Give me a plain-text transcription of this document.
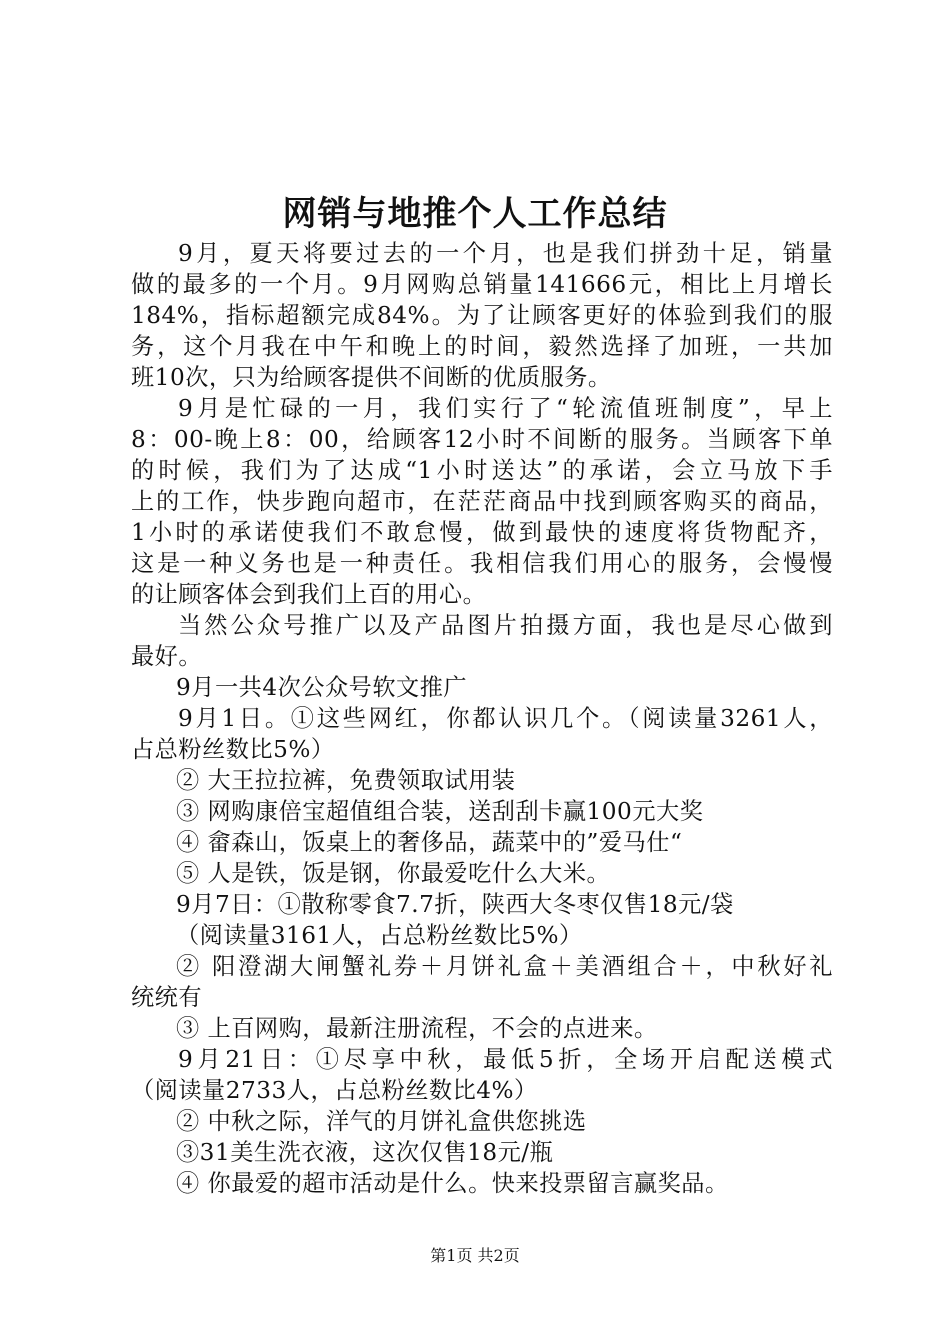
网销与地推个人工作总结
9月，夏天将要过去的一个月，也是我们拼劲十足，销量
做的最多的一个月。9月网购总销量141666元，相比上月增长
184%，指标超额完成84%。为了让顾客更好的体验到我们的服
务，这个月我在中午和晚上的时间，毅然选择了加班，一共加
班10次，只为给顾客提供不间断的优质服务。
9月是忙碌的一月，我们实行了“轮流值班制度”，早上
8：00-晚上8：00，给顾客12小时不间断的服务。当顾客下单
的时候，我们为了达成“1小时送达”的承诺，会立马放下手
上的工作，快步跑向超市，在茫茫商品中找到顾客购买的商品，
1小时的承诺使我们不敢怠慢，做到最快的速度将货物配齐，
这是一种义务也是一种责任。我相信我们用心的服务，会慢慢
的让顾客体会到我们上百的用心。
当然公众号推广以及产品图片拍摄方面，我也是尽心做到
最好。
9月一共4次公众号软文推广
9月1日。①这些网红，你都认识几个。（阅读量3261人，
占总粉丝数比5%）
② 大王拉拉裤，免费领取试用装
③ 网购康倍宝超值组合装，送刮刮卡赢100元大奖
④ 畲森山，饭桌上的奢侈品，蔬菜中的”爱马仕“
⑤ 人是铁，饭是钢，你最爱吃什么大米。
9月7日：①散称零食7.7折，陕西大冬枣仅售18元/袋
（阅读量3161人，占总粉丝数比5%）
② 阳澄湖大闸蟹礼券＋月饼礼盒＋美酒组合＋，中秋好礼
统统有
③ 上百网购，最新注册流程，不会的点进来。
9月21日：①尽享中秋，最低5折，全场开启配送模式
（阅读量2733人，占总粉丝数比4%）
② 中秋之际，洋气的月饼礼盒供您挑选
③31美生洗衣液，这次仅售18元/瓶
④ 你最爱的超市活动是什么。快来投票留言赢奖品。
第1页 共2页
